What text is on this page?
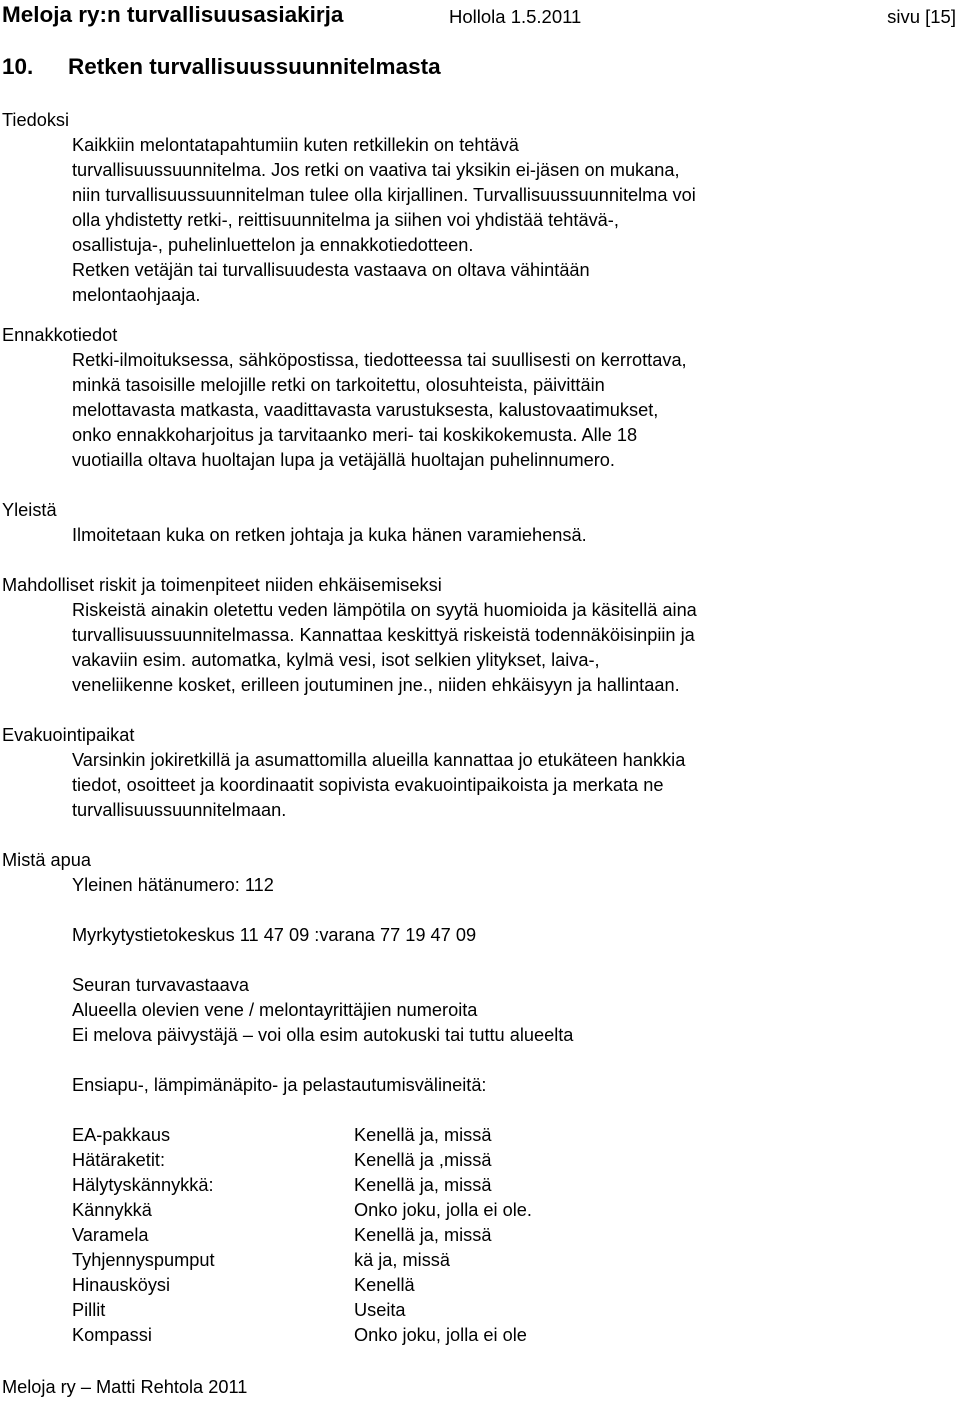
Meloja ry:n turvallisuusasiakirja	Hollola 1.5.2011	sivu [15]
10. Retken turvallisuussuunnitelmasta
Tiedoksi

Kaikkiin melontatapahtumiin kuten retkillekin on tehtävä
turvallisuussuunnitelma. Jos retki on vaativa tai yksikin ei-jäsen on mukana,
niin turvallisuussuunnitelman tulee olla kirjallinen. Turvallisuussuunnitelma voi
olla yhdistetty retki-, reittisuunnitelma ja siihen voi yhdistää tehtävä-,
osallistuja-, puhelinluettelon ja ennakkotiedotteen.
Retken vetäjän tai turvallisuudesta vastaava on oltava vähintään
melontaohjaaja.

Ennakkotiedot

Retki-ilmoituksessa, sähköpostissa, tiedotteessa tai suullisesti on kerrottava,
minkä tasoisille melojille retki on tarkoitettu, olosuhteista, päivittäin
melottavasta matkasta, vaadittavasta varustuksesta, kalustovaatimukset,
onko ennakkoharjoitus ja tarvitaanko meri- tai koskikokemusta. Alle 18
vuotiailla oltava huoltajan lupa ja vetäjällä huoltajan puhelinnumero.

Yleistä

Ilmoitetaan kuka on retken johtaja ja kuka hänen varamiehensä.

Mahdolliset riskit ja toimenpiteet niiden ehkäisemiseksi

Riskeistä ainakin oletettu veden lämpötila on syytä huomioida ja käsitellä aina
turvallisuussuunnitelmassa. Kannattaa keskittyä riskeistä todennäköisinpiin ja
vakaviin esim. automatka, kylmä vesi, isot selkien ylitykset, laiva-,
veneliikenne kosket, erilleen joutuminen jne., niiden ehkäisyyn ja hallintaan.

Evakuointipaikat

Varsinkin jokiretkillä ja asumattomilla alueilla kannattaa jo etukäteen hankkia
tiedot, osoitteet ja koordinaatit sopivista evakuointipaikoista ja merkata ne
turvallisuussuunnitelmaan.

Mistä apua

Yleinen hätänumero: 112

Myrkytystietokeskus 11 47 09 :varana 77 19 47 09

Seuran turvavastaava

Alueella olevien vene / melontayrittäjien numeroita

Ei melova päivystäjä – voi olla esim autokuski tai tuttu alueelta

Ensiapu-, lämpimänäpito- ja pelastautumisvälineitä:

EA-pakkaus	Kenellä ja, missä
Hätäraketit:	Kenellä ja ,missä
Hälytyskännykkä:	Kenellä ja, missä
Kännykkä	Onko joku, jolla ei ole.
Varamela	Kenellä ja, missä
Tyhjennyspumput	kä ja, missä
Hinausköysi	Kenellä
Pillit	Useita
Kompassi	Onko joku, jolla ei ole
Meloja ry – Matti Rehtola 2011
